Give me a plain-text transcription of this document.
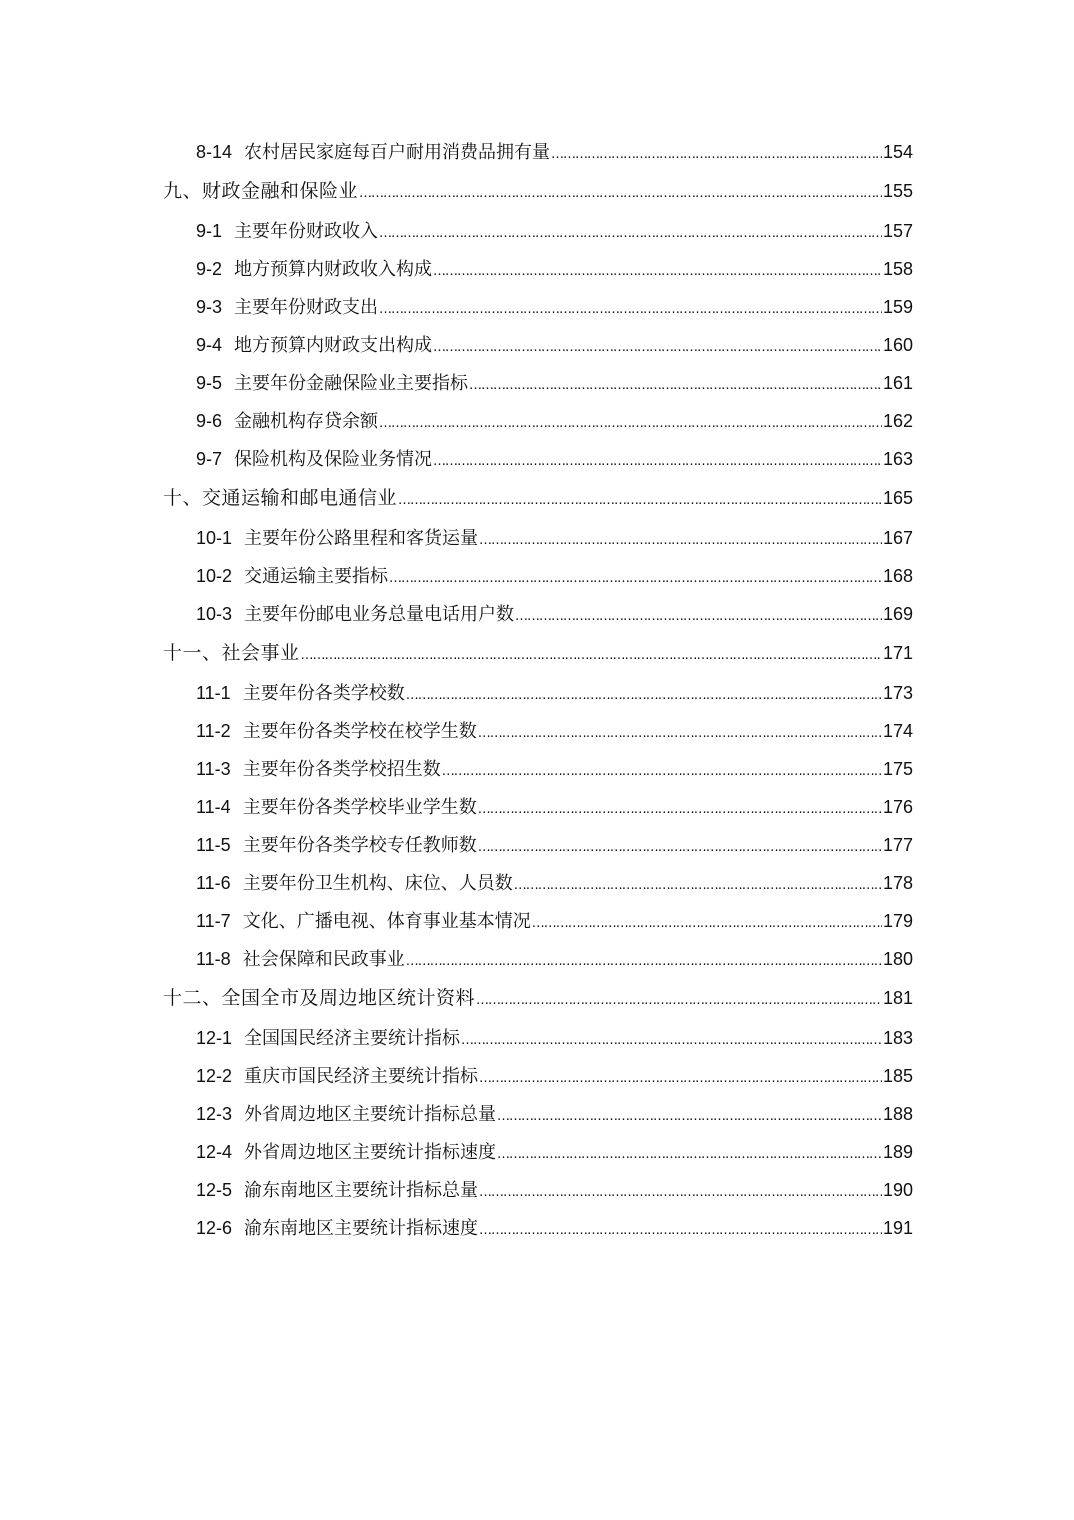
8-14 农村居民家庭每百户耐用消费品拥有量 ……………………………………………………………………………………………………………………………………………………………………………………	154
九、财政金融和保险业 ……………………………………………………………………………………………………………………………………………………………………………………	155
9-1 主要年份财政收入 ……………………………………………………………………………………………………………………………………………………………………………………	157
9-2 地方预算内财政收入构成 ……………………………………………………………………………………………………………………………………………………………………………………	158
9-3 主要年份财政支出 ……………………………………………………………………………………………………………………………………………………………………………………	159
9-4 地方预算内财政支出构成 ……………………………………………………………………………………………………………………………………………………………………………………	160
9-5 主要年份金融保险业主要指标 ……………………………………………………………………………………………………………………………………………………………………………………	161
9-6 金融机构存贷余额 ……………………………………………………………………………………………………………………………………………………………………………………	162
9-7 保险机构及保险业务情况 ……………………………………………………………………………………………………………………………………………………………………………………	163
十、交通运输和邮电通信业 ……………………………………………………………………………………………………………………………………………………………………………………	165
10-1 主要年份公路里程和客货运量 ……………………………………………………………………………………………………………………………………………………………………………………	167
10-2 交通运输主要指标 ……………………………………………………………………………………………………………………………………………………………………………………	168
10-3 主要年份邮电业务总量电话用户数 ……………………………………………………………………………………………………………………………………………………………………………………	169
十一、社会事业 ……………………………………………………………………………………………………………………………………………………………………………………	171
11-1 主要年份各类学校数 ……………………………………………………………………………………………………………………………………………………………………………………	173
11-2 主要年份各类学校在校学生数 ……………………………………………………………………………………………………………………………………………………………………………………	174
11-3 主要年份各类学校招生数 ……………………………………………………………………………………………………………………………………………………………………………………	175
11-4 主要年份各类学校毕业学生数 ……………………………………………………………………………………………………………………………………………………………………………………	176
11-5 主要年份各类学校专任教师数 ……………………………………………………………………………………………………………………………………………………………………………………	177
11-6 主要年份卫生机构、床位、人员数 ……………………………………………………………………………………………………………………………………………………………………………………	178
11-7 文化、广播电视、体育事业基本情况 ……………………………………………………………………………………………………………………………………………………………………………………	179
11-8 社会保障和民政事业 ……………………………………………………………………………………………………………………………………………………………………………………	180
十二、全国全市及周边地区统计资料 ……………………………………………………………………………………………………………………………………………………………………………………	181
12-1 全国国民经济主要统计指标 ……………………………………………………………………………………………………………………………………………………………………………………	183
12-2 重庆市国民经济主要统计指标 ……………………………………………………………………………………………………………………………………………………………………………………	185
12-3 外省周边地区主要统计指标总量 ……………………………………………………………………………………………………………………………………………………………………………………	188
12-4 外省周边地区主要统计指标速度 ……………………………………………………………………………………………………………………………………………………………………………………	189
12-5 渝东南地区主要统计指标总量 ……………………………………………………………………………………………………………………………………………………………………………………	190
12-6 渝东南地区主要统计指标速度 ……………………………………………………………………………………………………………………………………………………………………………………	191
